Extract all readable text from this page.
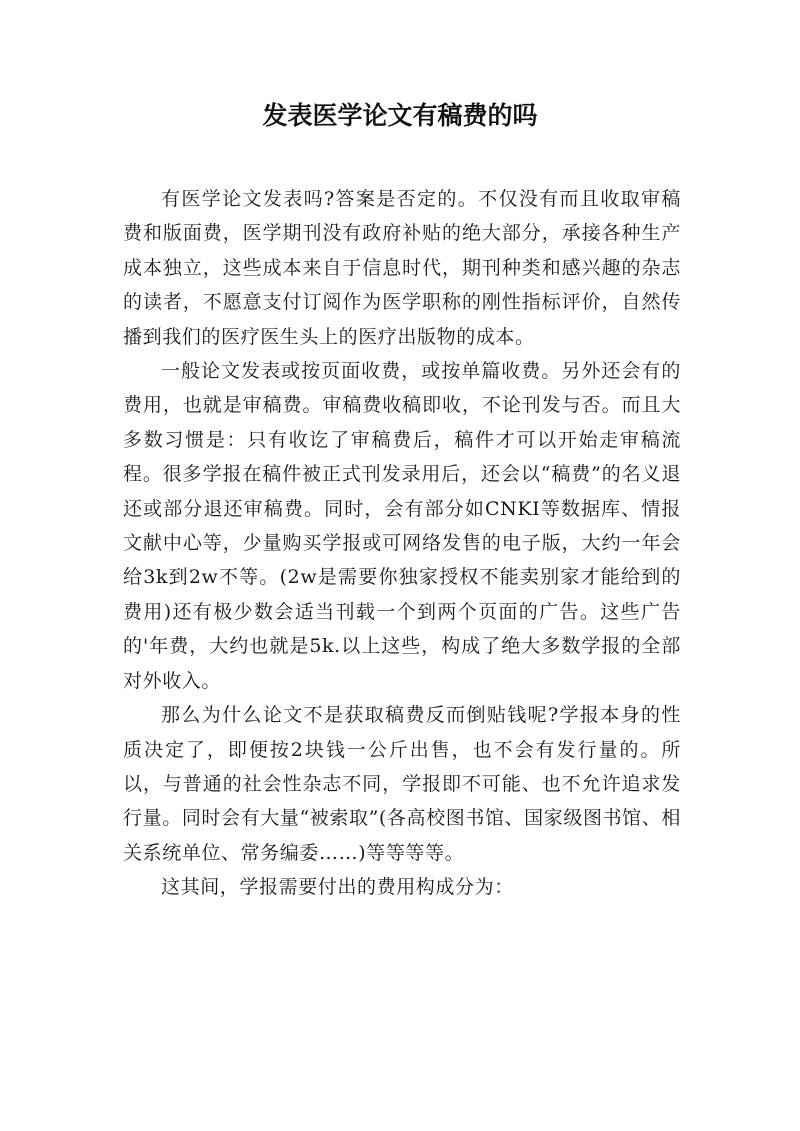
发表医学论文有稿费的吗

有医学论文发表吗?答案是否定的。不仅没有而且收取审稿费和版面费，医学期刊没有政府补贴的绝大部分，承接各种生产成本独立，这些成本来自于信息时代，期刊种类和感兴趣的杂志的读者，不愿意支付订阅作为医学职称的刚性指标评价，自然传播到我们的医疗医生头上的医疗出版物的成本。

一般论文发表或按页面收费，或按单篇收费。另外还会有的费用，也就是审稿费。审稿费收稿即收，不论刊发与否。而且大多数习惯是：只有收讫了审稿费后，稿件才可以开始走审稿流程。很多学报在稿件被正式刊发录用后，还会以“稿费”的名义退还或部分退还审稿费。同时，会有部分如CNKI等数据库、情报文献中心等，少量购买学报或可网络发售的电子版，大约一年会给3k到2w不等。(2w是需要你独家授权不能卖别家才能给到的费用)还有极少数会适当刊载一个到两个页面的广告。这些广告的'年费，大约也就是5k.以上这些，构成了绝大多数学报的全部对外收入。

那么为什么论文不是获取稿费反而倒贴钱呢?学报本身的性质决定了，即便按2块钱一公斤出售，也不会有发行量的。所以，与普通的社会性杂志不同，学报即不可能、也不允许追求发行量。同时会有大量“被索取”(各高校图书馆、国家级图书馆、相关系统单位、常务编委……)等等等等。

这其间，学报需要付出的费用构成分为：
